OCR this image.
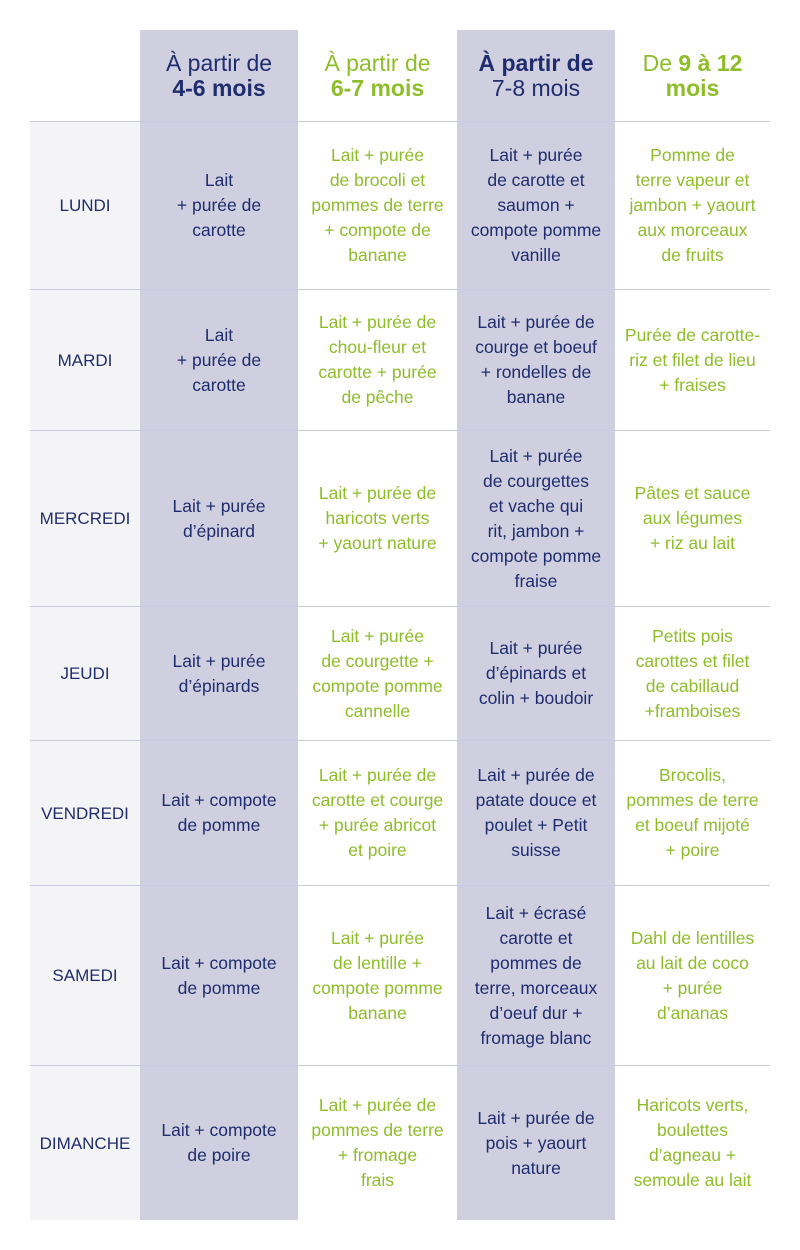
À partir de
4-6 mois
À partir de
6-7 mois
À partir de
7-8 mois
De 9 à 12
mois
LUNDI
Lait
+ purée de
carotte
Lait + purée
de brocoli et
pommes de terre
+ compote de
banane
Lait + purée
de carotte et
saumon +
compote pomme
vanille
Pomme de
terre vapeur et
jambon + yaourt
aux morceaux
de fruits
MARDI
Lait
+ purée de
carotte
Lait + purée de
chou-fleur et
carotte + purée
de pêche
Lait + purée de
courge et boeuf
+ rondelles de
banane
Purée de carotte-
riz et filet de lieu
+ fraises
MERCREDI
Lait + purée
d’épinard
Lait + purée de
haricots verts
+ yaourt nature
Lait + purée
de courgettes
et vache qui
rit, jambon +
compote pomme
fraise
Pâtes et sauce
aux légumes
+ riz au lait
JEUDI
Lait + purée
d’épinards
Lait + purée
de courgette +
compote pomme
cannelle
Lait + purée
d’épinards et
colin + boudoir
Petits pois
carottes et filet
de cabillaud
+framboises
VENDREDI
Lait + compote
de pomme
Lait + purée de
carotte et courge
+ purée abricot
et poire
Lait + purée de
patate douce et
poulet + Petit
suisse
Brocolis,
pommes de terre
et boeuf mijoté
+ poire
SAMEDI
Lait + compote
de pomme
Lait + purée
de lentille +
compote pomme
banane
Lait + écrasé
carotte et
pommes de
terre, morceaux
d’oeuf dur +
fromage blanc
Dahl de lentilles
au lait de coco
+ purée
d’ananas
DIMANCHE
Lait + compote
de poire
Lait + purée de
pommes de terre
+ fromage
frais
Lait + purée de
pois + yaourt
nature
Haricots verts,
boulettes
d’agneau +
semoule au lait
